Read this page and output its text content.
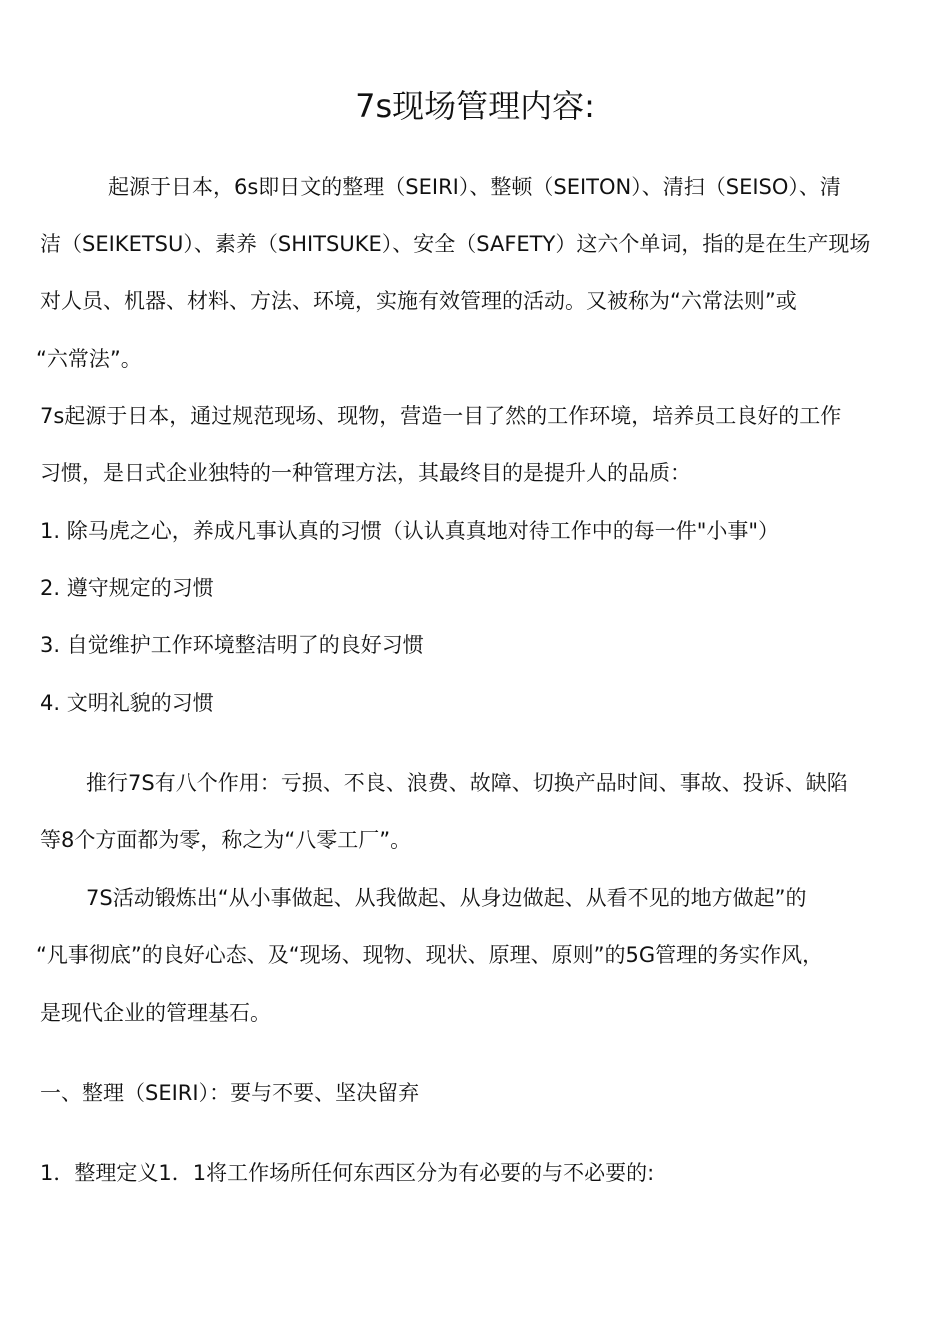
7s现场管理内容:
起源于日本，6s即日文的整理（SEIRI）、整顿（SEITON）、清扫（SEISO）、清
洁（SEIKETSU）、素养（SHITSUKE）、安全（SAFETY）这六个单词，指的是在生产现场
对人员、机器、材料、方法、环境，实施有效管理的活动。又被称为“六常法则”或
“六常法”。
7s起源于日本，通过规范现场、现物，营造一目了然的工作环境，培养员工良好的工作
习惯，是日式企业独特的一种管理方法，其最终目的是提升人的品质：
1. 除马虎之心，养成凡事认真的习惯（认认真真地对待工作中的每一件"小事"）
2. 遵守规定的习惯
3. 自觉维护工作环境整洁明了的良好习惯
4. 文明礼貌的习惯
推行7S有八个作用：亏损、不良、浪费、故障、切换产品时间、事故、投诉、缺陷
等8个方面都为零，称之为“八零工厂”。
7S活动锻炼出“从小事做起、从我做起、从身边做起、从看不见的地方做起”的
“凡事彻底”的良好心态、及“现场、现物、现状、原理、原则”的5G管理的务实作风，
是现代企业的管理基石。
一、整理（SEIRI）：要与不要、坚决留弃
1．整理定义1．1将工作场所任何东西区分为有必要的与不必要的:
